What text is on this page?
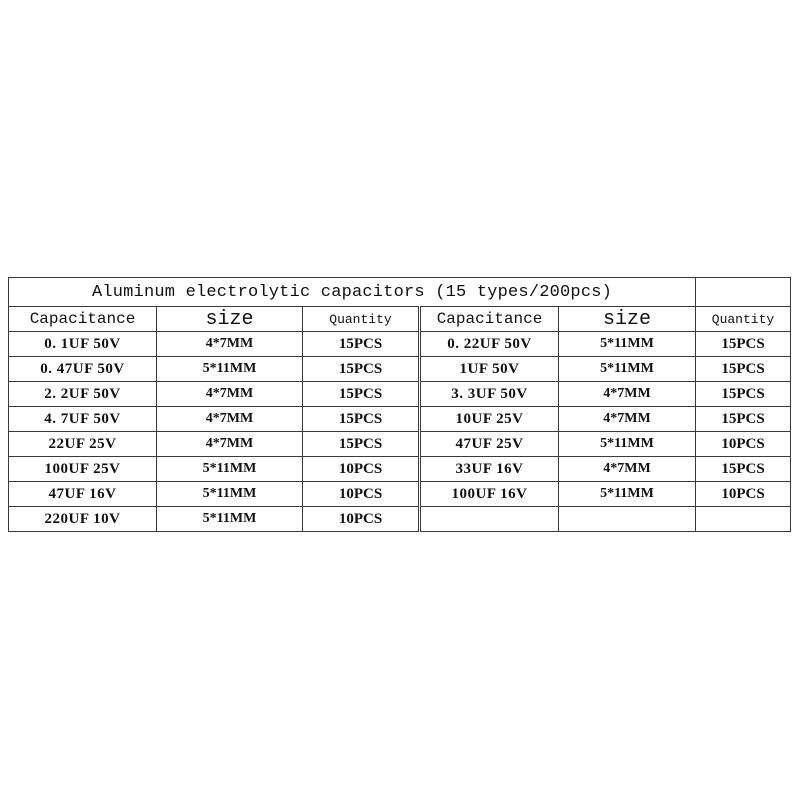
Aluminum electrolytic capacitors (15 types/200pcs)					
Capacitance	size	Quantity	Capacitance	size	Quantity
0. 1UF 50V	4*7MM	15PCS	0. 22UF 50V	5*11MM	15PCS
0. 47UF 50V	5*11MM	15PCS	1UF 50V	5*11MM	15PCS
2. 2UF 50V	4*7MM	15PCS	3. 3UF 50V	4*7MM	15PCS
4. 7UF 50V	4*7MM	15PCS	10UF 25V	4*7MM	15PCS
22UF 25V	4*7MM	15PCS	47UF 25V	5*11MM	10PCS
100UF 25V	5*11MM	10PCS	33UF 16V	4*7MM	15PCS
47UF 16V	5*11MM	10PCS	100UF 16V	5*11MM	10PCS
220UF 10V	5*11MM	10PCS			
